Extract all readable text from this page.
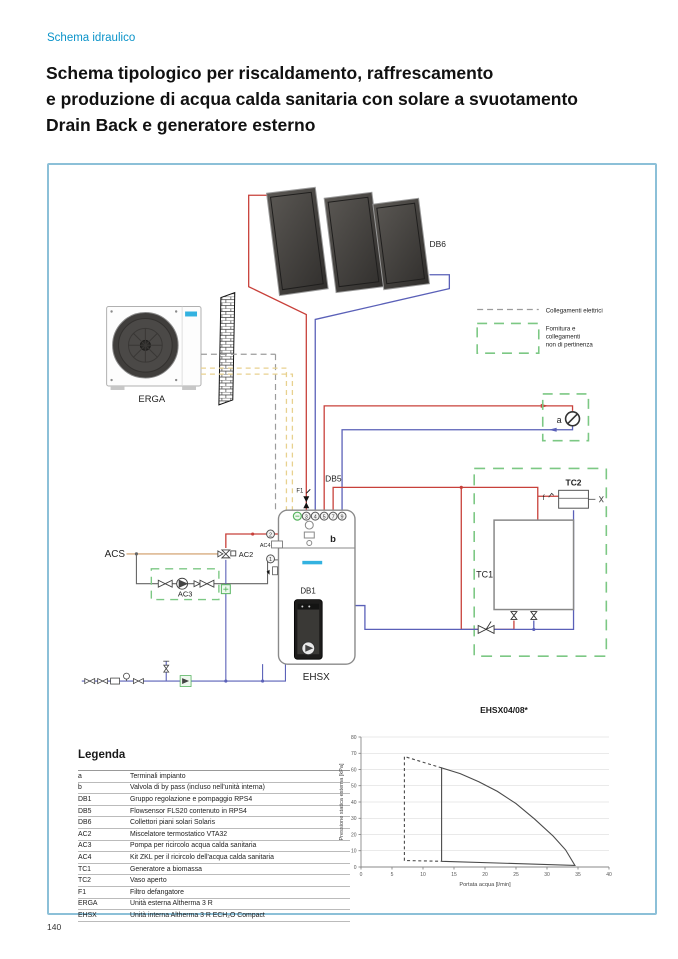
Schema idraulico
Schema tipologico per riscaldamento, raffrescamento
e produzione di acqua calda sanitaria con solare a svuotamento
Drain Back e generatore esterno
DB6
ERGA
a
TC2
f
TC1
Collegamenti elettrici
Fornitura e
collegamenti
non di pertinenza
ACS	AC2
AC3
b
DB1
EHSX
DB5
F1
AC4
3 4 5 7 9
2
1
Legenda
a	Terminali impianto
b	Valvola di by pass (incluso nell'unità interna)
DB1	Gruppo regolazione e pompaggio RPS4
DB5	Flowsensor FLS20 contenuto in RPS4
DB6	Collettori piani solari Solaris
AC2	Miscelatore termostatico VTA32
AC3	Pompa per ricircolo acqua calda sanitaria
AC4	Kit ZKL per il ricircolo dell'acqua calda sanitaria
TC1	Generatore a biomassa
TC2	Vaso aperto
F1	Filtro defangatore
ERGA	Unità esterna Altherma 3 R
EHSX	Unità interna Altherma 3 R ECH₂O Compact
EHSX04/08*
0
10
20
30
40
50
60
70
80
0	5	10	15	20	25	30	35	40
Portata acqua [l/min]
Pressione statica esterna [kPa]
140
